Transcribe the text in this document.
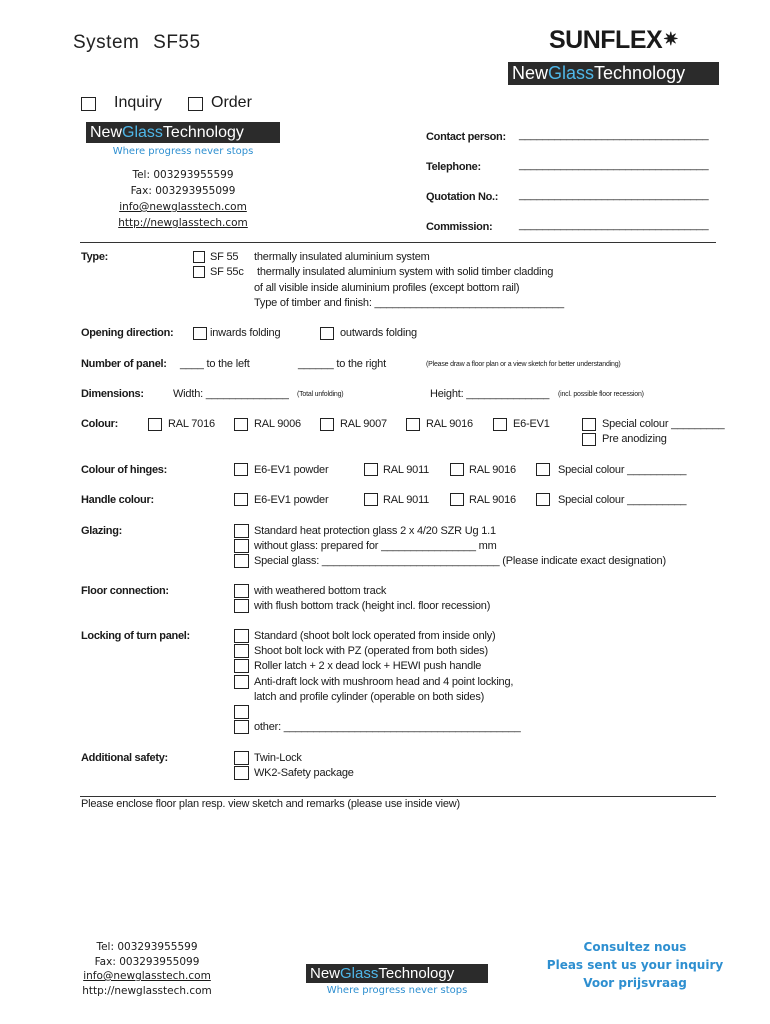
System SF55	SUNFLEX✷
NewGlassTechnology
Inquiry	Order
NewGlassTechnology
Where progress never stops
Tel: 003293955599
Fax: 003293955099
info@newglasstech.com
http://newglasstech.com
Contact person: ________________________________
Telephone:	________________________________
Quotation No.: ________________________________
Commission: ________________________________
Type:	SF 55 thermally insulated aluminium system
SF 55c thermally insulated aluminium system with solid timber cladding
of all visible inside aluminium profiles (except bottom rail)
Type of timber and finish: ________________________________
Opening direction:	inwards folding	outwards folding
Number of panel: ____ to the left	______ to the right	(Please draw a floor plan or a view sketch for better understanding)
Dimensions:	Width: ______________ (Total unfolding)	Height: ______________ (incl. possible floor recession)
Colour:	RAL 7016	RAL 9006	RAL 9007	RAL 9016	E6-EV1	Special colour _________
Pre anodizing
Colour of hinges:	E6-EV1 powder	RAL 9011	RAL 9016	Special colour __________
Handle colour:	E6-EV1 powder	RAL 9011	RAL 9016	Special colour __________
Glazing:	Standard heat protection glass 2 x 4/20 SZR Ug 1.1
without glass: prepared for ________________ mm
Special glass: ______________________________ (Please indicate exact designation)
Floor connection:	with weathered bottom track
with flush bottom track (height incl. floor recession)
Locking of turn panel:	Standard (shoot bolt lock operated from inside only)
Shoot bolt lock with PZ (operated from both sides)
Roller latch + 2 x dead lock + HEWI push handle
Anti-draft lock with mushroom head and 4 point locking,
latch and profile cylinder (operable on both sides)
other: ________________________________________
Additional safety:	Twin-Lock
WK2-Safety package
Please enclose floor plan resp. view sketch and remarks (please use inside view)
Tel: 003293955599
Fax: 003293955099
info@newglasstech.com
http://newglasstech.com
NewGlassTechnology
Where progress never stops
Consultez nous
Pleas sent us your inquiry
Voor prijsvraag
